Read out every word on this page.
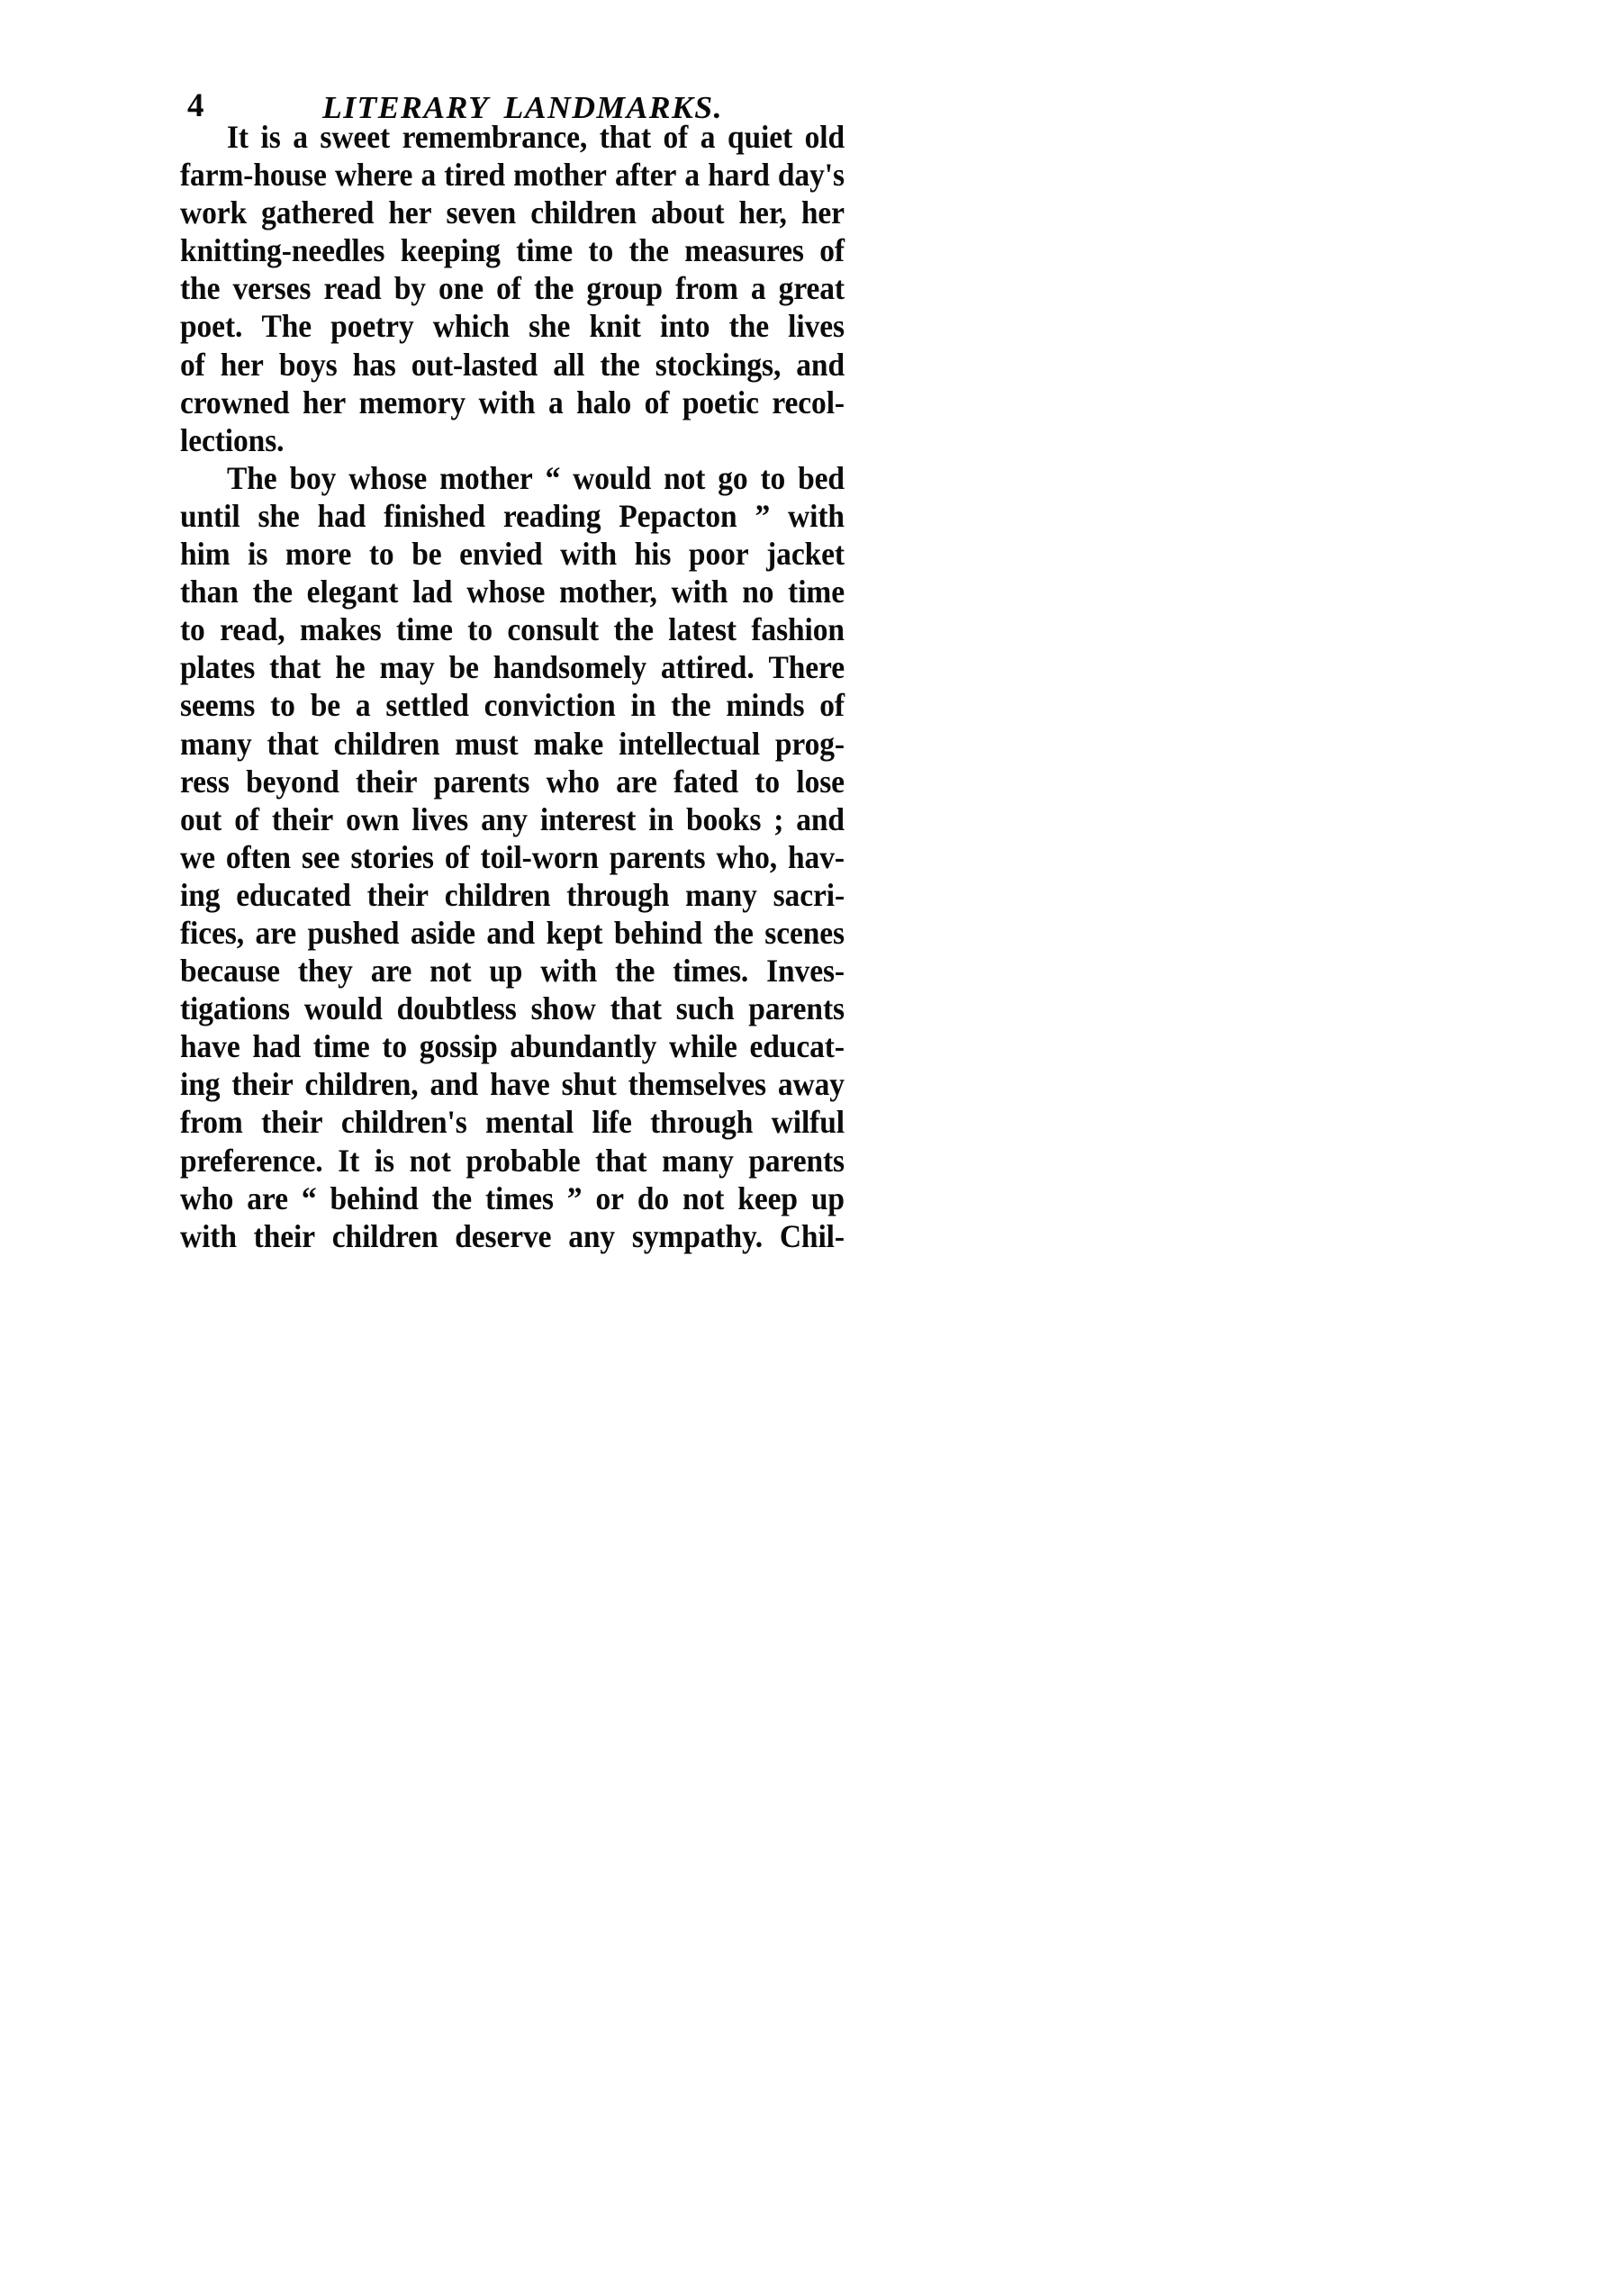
4	LITERARY LANDMARKS.
It is a sweet remembrance, that of a quiet old
farm-house where a tired mother after a hard day's
work gathered her seven children about her, her
knitting-needles keeping time to the measures of
the verses read by one of the group from a great
poet. The poetry which she knit into the lives
of her boys has out-lasted all the stockings, and
crowned her memory with a halo of poetic recol-
lections.
The boy whose mother “ would not go to bed
until she had finished reading Pepacton ” with
him is more to be envied with his poor jacket
than the elegant lad whose mother, with no time
to read, makes time to consult the latest fashion
plates that he may be handsomely attired. There
seems to be a settled conviction in the minds of
many that children must make intellectual prog-
ress beyond their parents who are fated to lose
out of their own lives any interest in books ; and
we often see stories of toil-worn parents who, hav-
ing educated their children through many sacri-
fices, are pushed aside and kept behind the scenes
because they are not up with the times. Inves-
tigations would doubtless show that such parents
have had time to gossip abundantly while educat-
ing their children, and have shut themselves away
from their children's mental life through wilful
preference. It is not probable that many parents
who are “ behind the times ” or do not keep up
with their children deserve any sympathy. Chil-
